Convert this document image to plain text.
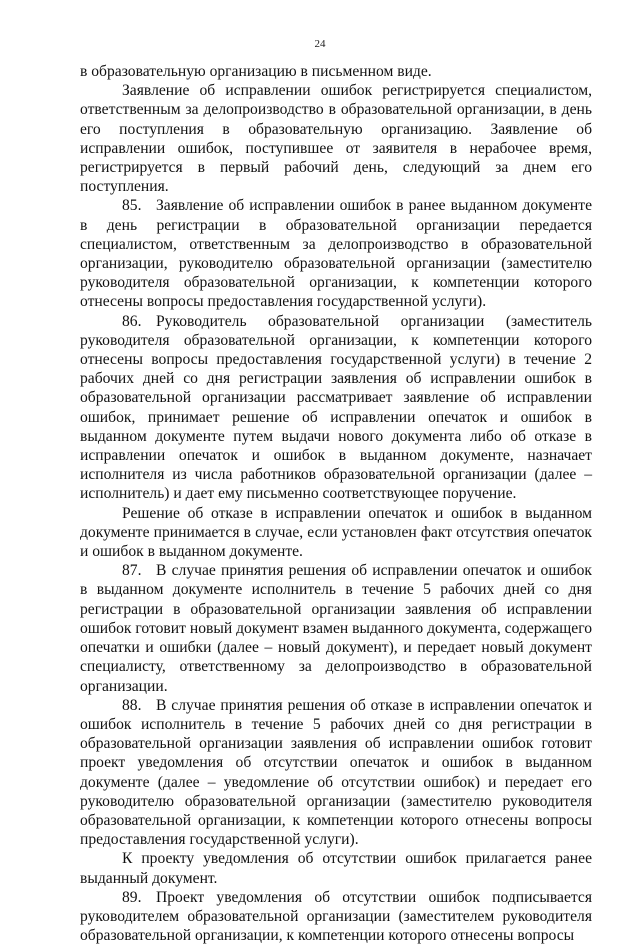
24

в образовательную организацию в письменном виде.

Заявление об исправлении ошибок регистрируется специалистом, ответственным за делопроизводство в образовательной организации, в день его поступления в образовательную организацию. Заявление об исправлении ошибок, поступившее от заявителя в нерабочее время, регистрируется в первый рабочий день, следующий за днем его поступления.

85. Заявление об исправлении ошибок в ранее выданном документе в день регистрации в образовательной организации передается специалистом, ответственным за делопроизводство в образовательной организации, руководителю образовательной организации (заместителю руководителя образовательной организации, к компетенции которого отнесены вопросы предоставления государственной услуги).

86. Руководитель образовательной организации (заместитель руководителя образовательной организации, к компетенции которого отнесены вопросы предоставления государственной услуги) в течение 2 рабочих дней со дня регистрации заявления об исправлении ошибок в образовательной организации рассматривает заявление об исправлении ошибок, принимает решение об исправлении опечаток и ошибок в выданном документе путем выдачи нового документа либо об отказе в исправлении опечаток и ошибок в выданном документе, назначает исполнителя из числа работников образовательной организации (далее – исполнитель) и дает ему письменно соответствующее поручение.

Решение об отказе в исправлении опечаток и ошибок в выданном документе принимается в случае, если установлен факт отсутствия опечаток и ошибок в выданном документе.

87. В случае принятия решения об исправлении опечаток и ошибок в выданном документе исполнитель в течение 5 рабочих дней со дня регистрации в образовательной организации заявления об исправлении ошибок готовит новый документ взамен выданного документа, содержащего опечатки и ошибки (далее – новый документ), и передает новый документ специалисту, ответственному за делопроизводство в образовательной организации.

88. В случае принятия решения об отказе в исправлении опечаток и ошибок исполнитель в течение 5 рабочих дней со дня регистрации в образовательной организации заявления об исправлении ошибок готовит проект уведомления об отсутствии опечаток и ошибок в выданном документе (далее – уведомление об отсутствии ошибок) и передает его руководителю образовательной организации (заместителю руководителя образовательной организации, к компетенции которого отнесены вопросы предоставления государственной услуги).

К проекту уведомления об отсутствии ошибок прилагается ранее выданный документ.

89. Проект уведомления об отсутствии ошибок подписывается руководителем образовательной организации (заместителем руководителя образовательной организации, к компетенции которого отнесены вопросы
